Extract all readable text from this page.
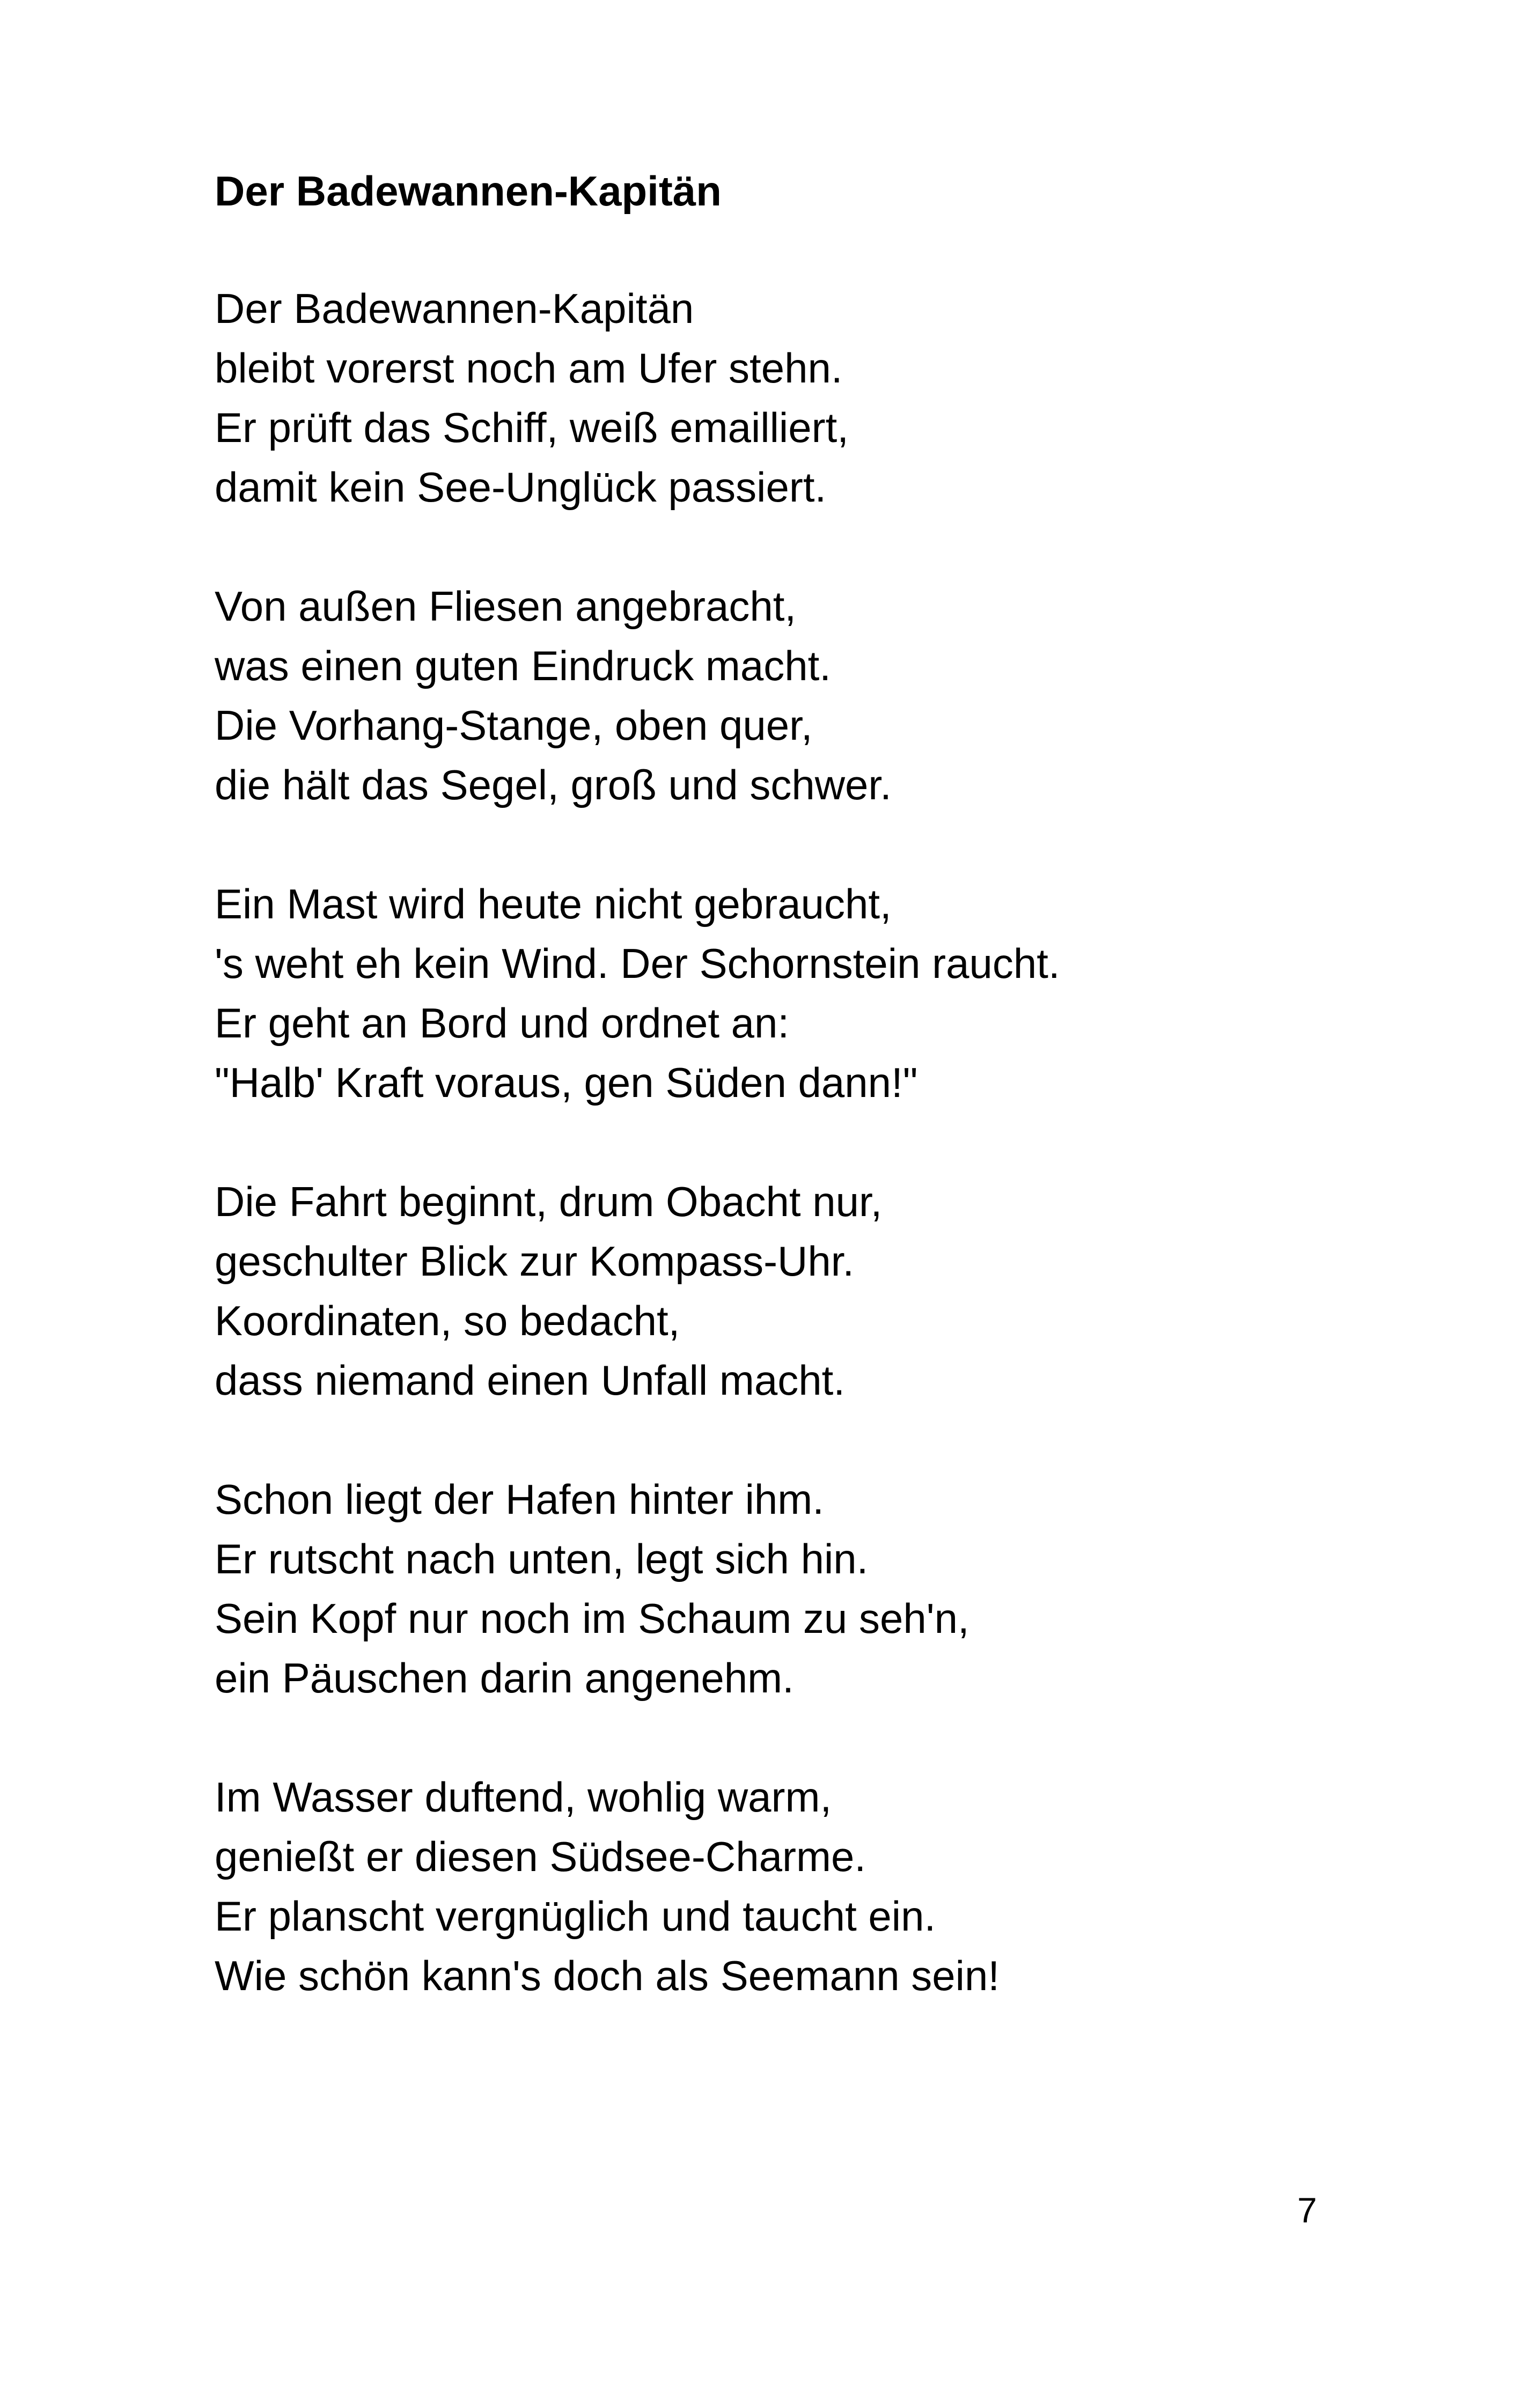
Der Badewannen-Kapitän

Der Badewannen-Kapitän
bleibt vorerst noch am Ufer stehn.
Er prüft das Schiff, weiß emailliert,
damit kein See-Unglück passiert.

Von außen Fliesen angebracht,
was einen guten Eindruck macht.
Die Vorhang-Stange, oben quer,
die hält das Segel, groß und schwer.

Ein Mast wird heute nicht gebraucht,
's weht eh kein Wind. Der Schornstein raucht.
Er geht an Bord und ordnet an:
"Halb' Kraft voraus, gen Süden dann!"

Die Fahrt beginnt, drum Obacht nur,
geschulter Blick zur Kompass-Uhr.
Koordinaten, so bedacht,
dass niemand einen Unfall macht.

Schon liegt der Hafen hinter ihm.
Er rutscht nach unten, legt sich hin.
Sein Kopf nur noch im Schaum zu seh'n,
ein Päuschen darin angenehm.

Im Wasser duftend, wohlig warm,
genießt er diesen Südsee-Charme.
Er planscht vergnüglich und taucht ein.
Wie schön kann's doch als Seemann sein!

7
